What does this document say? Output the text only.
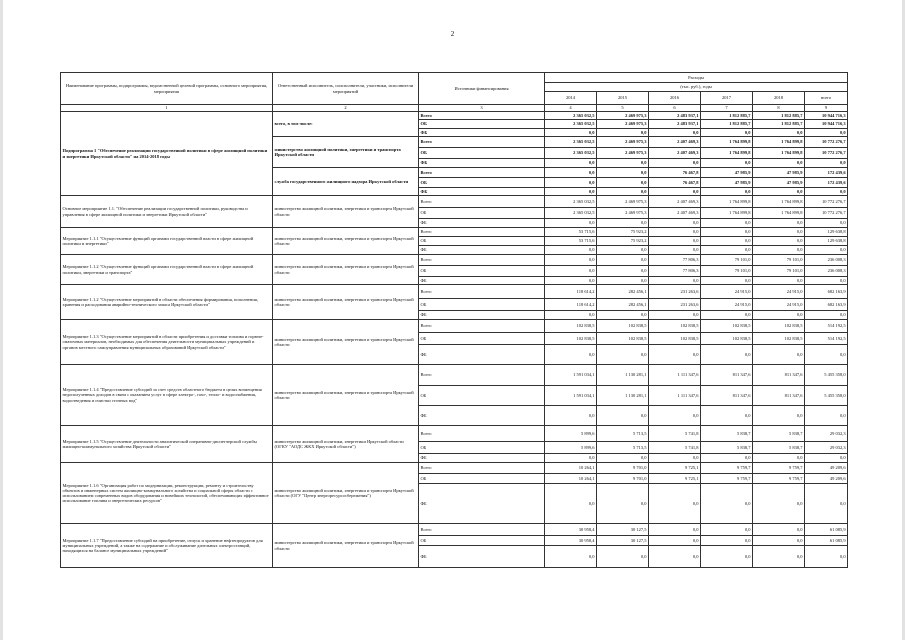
2
Наименование программы, подпрограммы, ведомственной целевой программы, основного мероприятия, мероприятия	Ответственный исполнитель, соисполнители, участники, исполнители мероприятий	Источники финансирования	Расходы					
			(тыс. руб.), годы					
			2014	2015	2016	2017	2018	всего
1	2	3	4	5	6	7	8	9
Подпрограмма 1 "Обеспечение реализации государственной политики в сфере жилищной политики и энергетики Иркутской области" на 2014-2018 годы	всего, в том числе:	Всего	2 365 032,5	2 469 975,3	2 483 937,1	1 812 885,7	1 812 885,7	10 944 716,3
		ОБ	2 365 032,5	2 469 975,3	2 483 937,1	1 812 885,7	1 812 885,7	10 944 716,3
		ФБ	0,0	0,0	0,0	0,0	0,0	0,0
	министерство жилищной политики, энергетики и транспорта Иркутской области	Всего	2 365 032,5	2 469 975,3	2 407 469,3	1 764 899,8	1 764 899,8	10 772 276,7
		ОБ	2 365 032,5	2 469 975,3	2 407 469,3	1 764 899,8	1 764 899,8	10 772 276,7
		ФБ	0,0	0,0	0,0	0,0	0,0	0,0
	служба государственного жилищного надзора Иркутской области	Всего	0,0	0,0	76 467,8	47 985,9	47 985,9	172 439,6
		ОБ	0,0	0,0	76 467,8	47 985,9	47 985,9	172 439,6
		ФБ	0,0	0,0	0,0	0,0	0,0	0,0
Основное мероприятие 1.1. "Обеспечение реализации государственной политики, руководства и управления в сфере жилищной политики и энергетики Иркутской области"	министерство жилищной политики, энергетики и транспорта Иркутской области	Всего	2 365 032,5	2 469 975,3	2 407 469,3	1 764 899,8	1 764 899,8	10 772 276,7
		ОБ	2 365 032,5	2 469 975,3	2 407 469,3	1 764 899,8	1 764 899,8	10 772 276,7
		ФБ	0,0	0,0	0,0	0,0	0,0	0,0
Мероприятие 1.1.1 "Осуществление функций органами государственной власти в сфере жилищной политики и энергетики"	министерство жилищной политики, энергетики и транспорта Иркутской области	Всего	53 715,6	75 923,2	0,0	0,0	0,0	129 638,8
		ОБ	53 715,6	75 923,2	0,0	0,0	0,0	129 638,8
		ФБ	0,0	0,0	0,0	0,0	0,0	0,0
Мероприятие 1.1.2 "Осуществление функций органами государственной власти в сфере жилищной политики, энергетики и транспорта"	министерство жилищной политики, энергетики и транспорта Иркутской области	Всего	0,0	0,0	77 806,3	79 101,0	79 101,0	236 008,3
		ОБ	0,0	0,0	77 806,3	79 101,0	79 101,0	236 008,3
		ФБ	0,0	0,0	0,0	0,0	0,0	0,0
Мероприятие 1.1.2 "Осуществление мероприятий в области обеспечения формирования, пополнения, хранения и расходования аварийно-технического запаса Иркутской области"	министерство жилищной политики, энергетики и транспорта Иркутской области	Всего	118 614,2	282 456,1	231 263,6	24 915,0	24 915,0	682 163,9
		ОБ	118 614,2	282 456,1	231 263,6	24 915,0	24 915,0	682 163,9
		ФБ	0,0	0,0	0,0	0,0	0,0	0,0
Мероприятие 1.1.3 "Осуществление мероприятий в области приобретения и доставки топлива и горюче-смазочных материалов, необходимых для обеспечения деятельности муниципальных учреждений и органов местного самоуправления муниципальных образований Иркутской области"	министерство жилищной политики, энергетики и транспорта Иркутской области	Всего	102 838,5	102 838,5	102 838,5	102 838,5	102 838,5	514 192,5
		ОБ	102 838,5	102 838,5	102 838,5	102 838,5	102 838,5	514 192,5
		ФБ	0,0	0,0	0,0	0,0	0,0	0,0
Мероприятие 1.1.4 "Предоставление субсидий за счет средств областного бюджета в целях возмещения недополученных доходов в связи с оказанием услуг в сфере электро-, газо-, тепло- и водоснабжения, водоотведения и очистки сточных вод"	министерство жилищной политики, энергетики и транспорта Иркутской области	Всего	1 591 034,1	1 130 281,1	1 111 347,6	811 347,6	811 347,6	5 455 358,0
		ОБ	1 591 034,1	1 130 281,1	1 111 347,6	811 347,6	811 347,6	5 455 358,0
		ФБ	0,0	0,0	0,0	0,0	0,0	0,0
Мероприятие 1.1.5 "Осуществление деятельности аналитической оперативно-диспетчерской службы жилищно-коммунального хозяйства Иркутской области"	министерство жилищной политики, энергетики Иркутской области (ОГКУ "АОДС ЖКХ Иркутской области")	Всего	5 899,6	5 713,5	5 741,8	5 838,7	5 838,7	29 032,3
		ОБ	5 899,6	5 713,5	5 741,8	5 838,7	5 838,7	29 032,3
		ФБ	0,0	0,0	0,0	0,0	0,0	0,0
Мероприятие 1.1.6 "Организация работ по модернизации, реконструкции, ремонту и строительству объектов и инженерных систем жилищно-коммунального хозяйства и социальной сферы области с использованием современных видов оборудования и новейших технологий, обеспечивающих эффективное использование топлива и энергетических ресурсов"	министерство жилищной политики, энергетики и транспорта Иркутской области (ОГУ "Центр энергоресурсосбережения")	Всего	10 264,1	9 701,0	9 725,1	9 759,7	9 759,7	49 209,6
		ОБ	10 264,1	9 701,0	9 725,1	9 759,7	9 759,7	49 209,6
		ФБ	0,0	0,0	0,0	0,0	0,0	0,0
Мероприятие 1.1.7 "Предоставление субсидий на приобретение, отпуск и хранение нефтепродуктов для муниципальных учреждений, а также на содержание и обслуживание дизельных электростанций, находящихся на балансе муниципальных учреждений"	министерство жилищной политики, энергетики и транспорта Иркутской области	Всего	30 958,4	30 127,5	0,0	0,0	0,0	61 085,9
		ОБ	30 958,4	30 127,5	0,0	0,0	0,0	61 085,9
		ФБ	0,0	0,0	0,0	0,0	0,0	0,0
